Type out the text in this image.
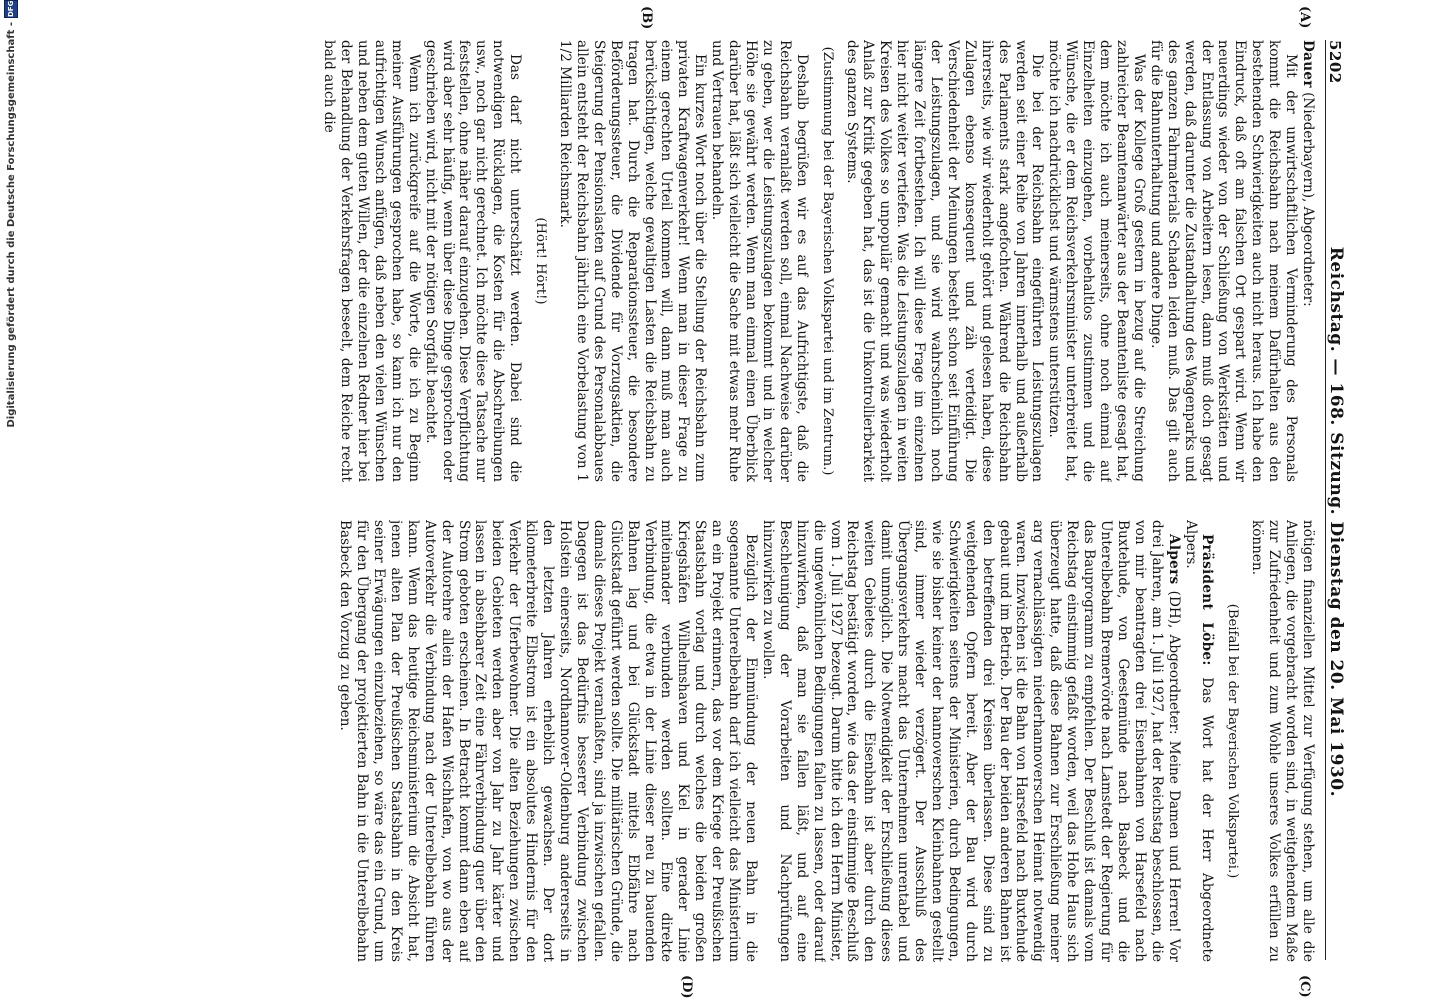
5202
Reichstag. — 168. Sitzung. Dienstag den 20. Mai 1930.
(A)
(B)
(C)
(D)

Dauer (Niederbayern), Abgeordneter:

Mit der unwirtschaftlichen Verminderung des Personals kommt die Reichsbahn nach meinem Dafürhalten aus den bestehenden Schwierigkeiten auch nicht heraus. Ich habe den Eindruck, daß oft am falschen Ort gespart wird. Wenn wir neuerdings wieder von der Schließung von Werkstätten und der Entlassung von Arbeitern lesen, dann muß doch gesagt werden, daß darunter die Zustandhaltung des Wagenparks und des ganzen Fahrmaterials Schaden leiden muß. Das gilt auch für die Bahnunterhaltung und andere Dinge.

Was der Kollege Groß gestern in bezug auf die Streichung zahlreicher Beamtenanwärter aus der Beamtenliste gesagt hat, dem möchte ich auch meinerseits, ohne noch einmal auf Einzelheiten einzugehen, vorbehaltlos zustimmen und die Wünsche, die er dem Reichsverkehrsminister unterbreitet hat, möchte ich nachdrücklichst und wärmstens unterstützen.

Die bei der Reichsbahn eingeführten Leistungszulagen werden seit einer Reihe von Jahren innerhalb und außerhalb des Parlaments stark angefochten. Während die Reichsbahn ihrerseits, wie wir wiederholt gehört und gelesen haben, diese Zulagen ebenso konsequent und zäh verteidigt. Die Verschiedenheit der Meinungen besteht schon seit Einführung der Leistungszulagen, und sie wird wahrscheinlich noch längere Zeit fortbestehen. Ich will diese Frage im einzelnen hier nicht weiter vertiefen. Was die Leistungszulagen in weiten Kreisen des Volkes so unpopulär gemacht und was wiederholt Anlaß zur Kritik gegeben hat, das ist die Unkontrollierbarkeit des ganzen Systems.

(Zustimmung bei der Bayerischen Volkspartei und im Zentrum.)

Deshalb begrüßen wir es auf das Aufrichtigste, daß die Reichsbahn veranlaßt werden soll, einmal Nachweise darüber zu geben, wer die Leistungszulagen bekommt und in welcher Höhe sie gewährt werden. Wenn man einmal einen Überblick darüber hat, läßt sich vielleicht die Sache mit etwas mehr Ruhe und Vertrauen behandeln.

Ein kurzes Wort noch über die Stellung der Reichsbahn zum privaten Kraftwagenverkehr! Wenn man in dieser Frage zu einem gerechten Urteil kommen will, dann muß man auch berücksichtigen, welche gewaltigen Lasten die Reichsbahn zu tragen hat. Durch die Reparationssteuer, die besondere Beförderungssteuer, die Dividende für Vorzugsaktien, die Steigerung der Pensionslasten auf Grund des Personalabbaues allein entsteht der Reichsbahn jährlich eine Vorbelastung von 1 1/2 Milliarden Reichsmark.

(Hört! Hört!)

Das darf nicht unterschätzt werden. Dabei sind die notwendigen Rücklagen, die Kosten für die Abschreibungen usw., noch gar nicht gerechnet. Ich möchte diese Tatsache nur feststellen, ohne näher darauf einzugehen. Diese Verpflichtung wird aber sehr häufig, wenn über diese Dinge gesprochen oder geschrieben wird, nicht mit der nötigen Sorgfalt beachtet.

Wenn ich zurückgreife auf die Worte, die ich zu Beginn meiner Ausführungen gesprochen habe, so kann ich nur den aufrichtigen Wunsch anfügen, daß neben den vielen Wünschen und neben dem guten Willen, der die einzelnen Redner hier bei der Behandlung der Verkehrsfragen beseelt, dem Reiche recht bald auch die

nötigen finanziellen Mittel zur Verfügung stehen, um alle die Anliegen, die vorgebracht worden sind, in weitgehendem Maße zur Zufriedenheit und zum Wohle unseres Volkes erfüllen zu können.

(Beifall bei der Bayerischen Volkspartei.)

Präsident Löbe: Das Wort hat der Herr Abgeordnete Alpers.

Alpers (DH), Abgeordneter: Meine Damen und Herren! Vor drei Jahren, am 1. Juli 1927, hat der Reichstag beschlossen, die von mir beantragten drei Eisenbahnen von Harsefeld nach Buxtehude, von Geestemünde nach Basbeck und die Unterelbebahn Bremervörde nach Lamstedt der Regierung für das Bauprogramm zu empfehlen. Der Beschluß ist damals vom Reichstag einstimmig gefaßt worden, weil das Hohe Haus sich überzeugt hatte, daß diese Bahnen zur Erschließung meiner arg vernachlässigten niederhannoverschen Heimat notwendig waren. Inzwischen ist die Bahn von Harsefeld nach Buxtehude gebaut und im Betrieb. Der Bau der beiden anderen Bahnen ist den betreffenden drei Kreisen überlassen. Diese sind zu weitgehenden Opfern bereit. Aber der Bau wird durch Schwierigkeiten seitens der Ministerien, durch Bedingungen, wie sie bisher keiner der hannoverschen Kleinbahnen gestellt sind, immer wieder verzögert. Der Ausschluß des Übergangsverkehrs macht das Unternehmen unrentabel und damit unmöglich. Die Notwendigkeit der Erschließung dieses weiten Gebietes durch die Eisenbahn ist aber durch den Reichstag bestätigt worden, wie das der einstimmige Beschluß vom 1. Juli 1927 bezeugt. Darum bitte ich den Herrn Minister, die ungewöhnlichen Bedingungen fallen zu lassen, oder darauf hinzuwirken, daß man sie fallen läßt, und auf eine Beschleunigung der Vorarbeiten und Nachprüfungen hinzuwirken zu wollen.

Bezüglich der Einmündung der neuen Bahn in die sogenannte Unterelbebahn darf ich vielleicht das Ministerium an ein Projekt erinnern, das vor dem Kriege der Preußischen Staatsbahn vorlag und durch welches die beiden großen Kriegshäfen Wilhelmshaven und Kiel in gerader Linie miteinander verbunden werden sollten. Eine direkte Verbindung, die etwa in der Linie dieser neu zu bauenden Bahnen lag und bei Glückstadt mittels Elbfähre nach Glückstadt geführt werden sollte. Die militärischen Gründe, die damals dieses Projekt veranlaßten, sind ja inzwischen gefallen. Dagegen ist das Bedürfnis besserer Verbindung zwischen Holstein einerseits, Nordhannover-Oldenburg andererseits in den letzten Jahren erheblich gewachsen. Der dort kilometerbreite Elbstrom ist ein absolutes Hindernis für den Verkehr der Uferbewohner. Die alten Beziehungen zwischen beiden Gebieten werden aber von Jahr zu Jahr kärter und lassen in absehbarer Zeit eine Fährverbindung quer über den Strom geboten erscheinen. In Betracht kommt dann eben auf der Autorehre allein der Hafen Wischhafen, von wo aus der Autoverkehr die Verbindung nach der Unterelbebahn führen kann. Wenn das heutige Reichsministerium die Absicht hat, jenen alten Plan der Preußischen Staatsbahn in den Kreis seiner Erwägungen einzubeziehen, so wäre das ein Grund, um für den Übergang der projektierten Bahn in die Unterelbebahn Basbeck den Vorzug zu geben.

Digitalisierung gefördert durch die Deutsche Forschungsgemeinschaft -
DFG
